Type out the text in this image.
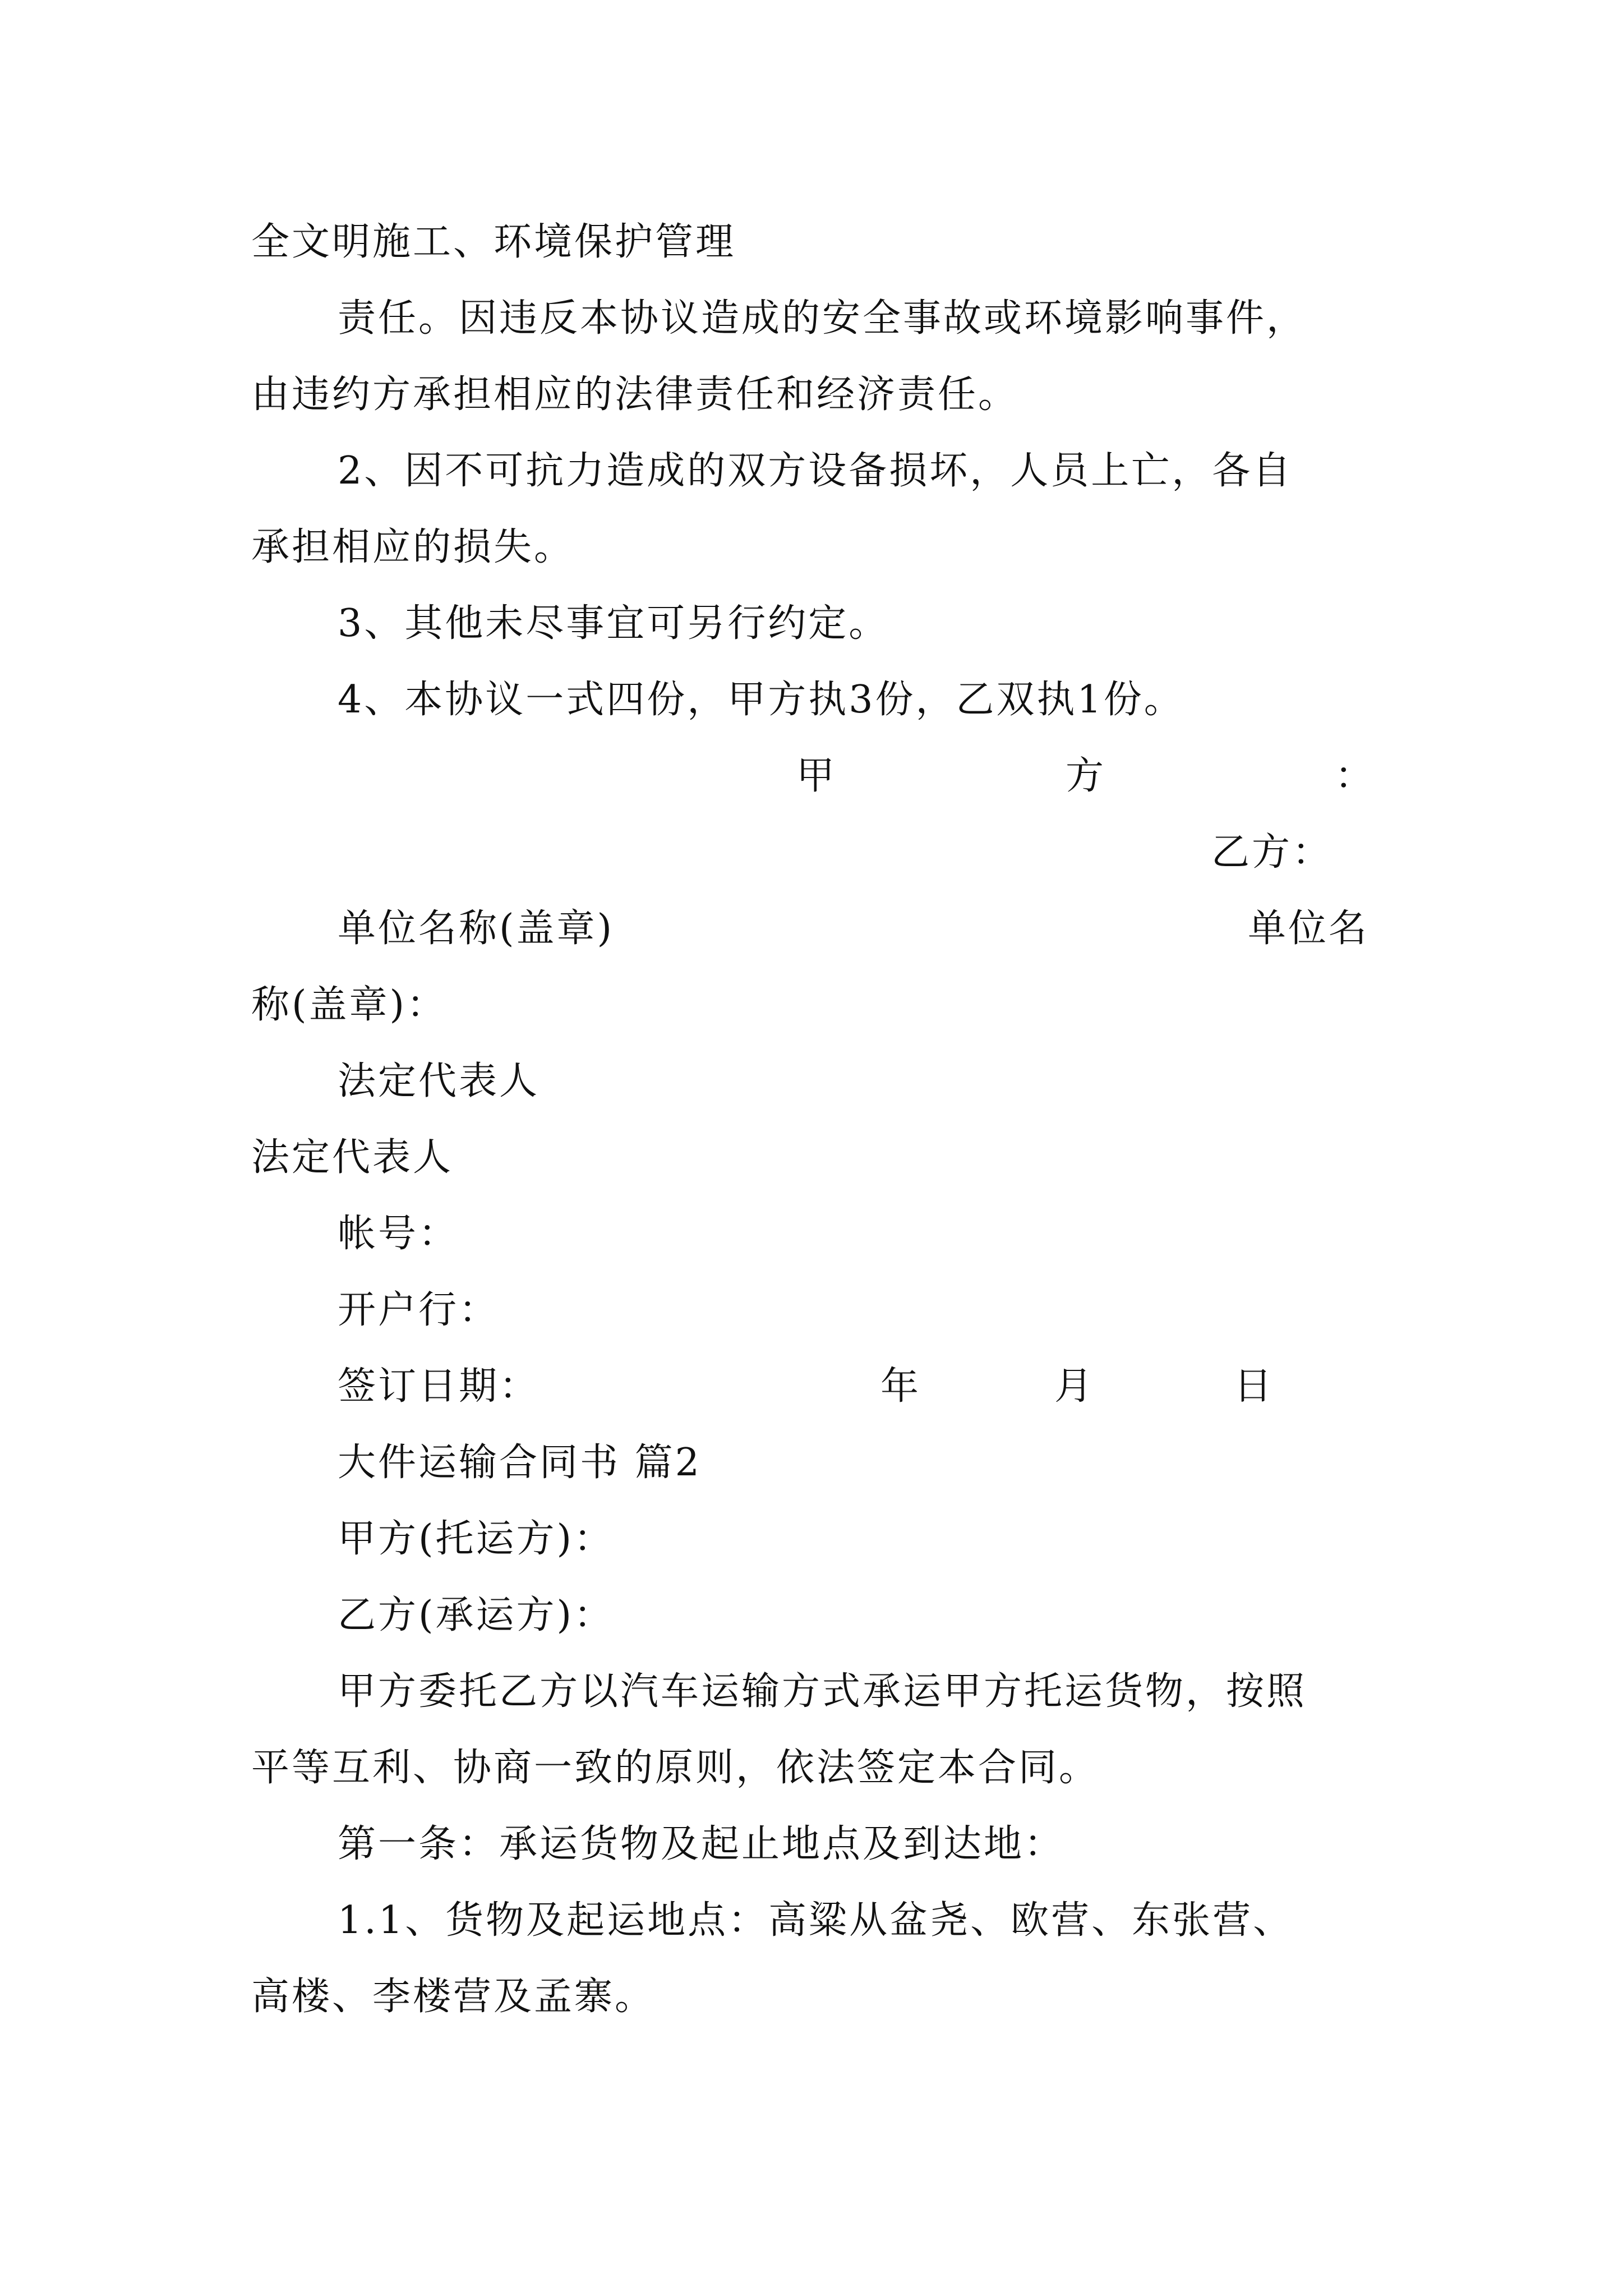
全文明施工、环境保护管理
责任。因违反本协议造成的安全事故或环境影响事件，
由违约方承担相应的法律责任和经济责任。
2、因不可抗力造成的双方设备损坏，人员上亡，各自
承担相应的损失。
3、其他未尽事宜可另行约定。
4、本协议一式四份，甲方执3份，乙双执1份。
甲	方	：
乙方：
单位名称(盖章)	单位名
称(盖章)：
法定代表人
法定代表人
帐号：
开户行：
签订日期：	年	月	日
大件运输合同书 篇2
甲方(托运方)：
乙方(承运方)：
甲方委托乙方以汽车运输方式承运甲方托运货物，按照
平等互利、协商一致的原则，依法签定本合同。
第一条：承运货物及起止地点及到达地：
1.1、货物及起运地点：高粱从盆尧、欧营、东张营、
高楼、李楼营及孟寨。
